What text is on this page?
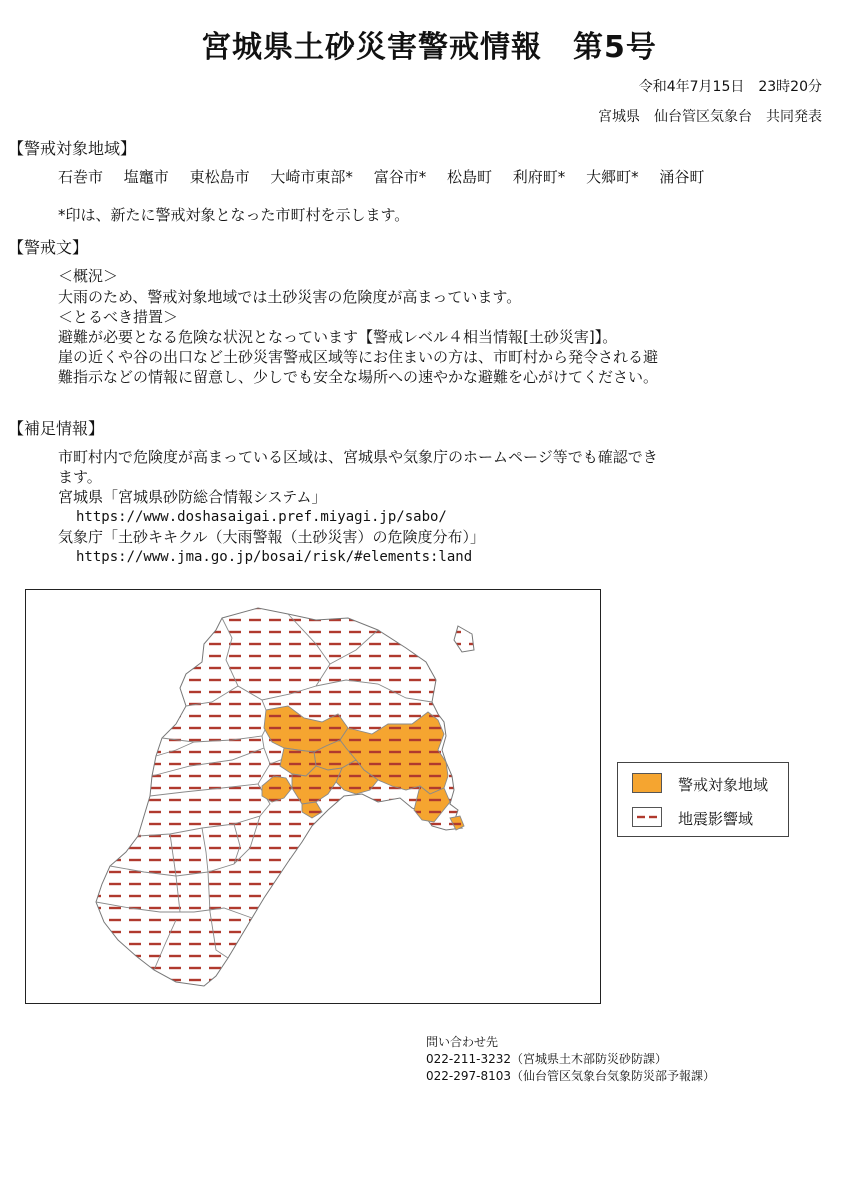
宮城県土砂災害警戒情報　第5号
令和4年7月15日　23時20分
宮城県　仙台管区気象台　共同発表
【警戒対象地域】
石巻市 塩竈市 東松島市 大崎市東部* 富谷市* 松島町 利府町* 大郷町* 涌谷町
*印は、新たに警戒対象となった市町村を示します。
【警戒文】
＜概況＞
大雨のため、警戒対象地域では土砂災害の危険度が高まっています。
＜とるべき措置＞
避難が必要となる危険な状況となっています【警戒レベル４相当情報[土砂災害]】。
崖の近くや谷の出口など土砂災害警戒区域等にお住まいの方は、市町村から発令される避
難指示などの情報に留意し、少しでも安全な場所への速やかな避難を心がけてください。
【補足情報】
市町村内で危険度が高まっている区域は、宮城県や気象庁のホームページ等でも確認でき
ます。
宮城県「宮城県砂防総合情報システム」
https://www.doshasaigai.pref.miyagi.jp/sabo/
気象庁「土砂キキクル（大雨警報（土砂災害）の危険度分布）」
https://www.jma.go.jp/bosai/risk/#elements:land
警戒対象地域
地震影響域
問い合わせ先
022-211-3232（宮城県土木部防災砂防課）
022-297-8103（仙台管区気象台気象防災部予報課）
